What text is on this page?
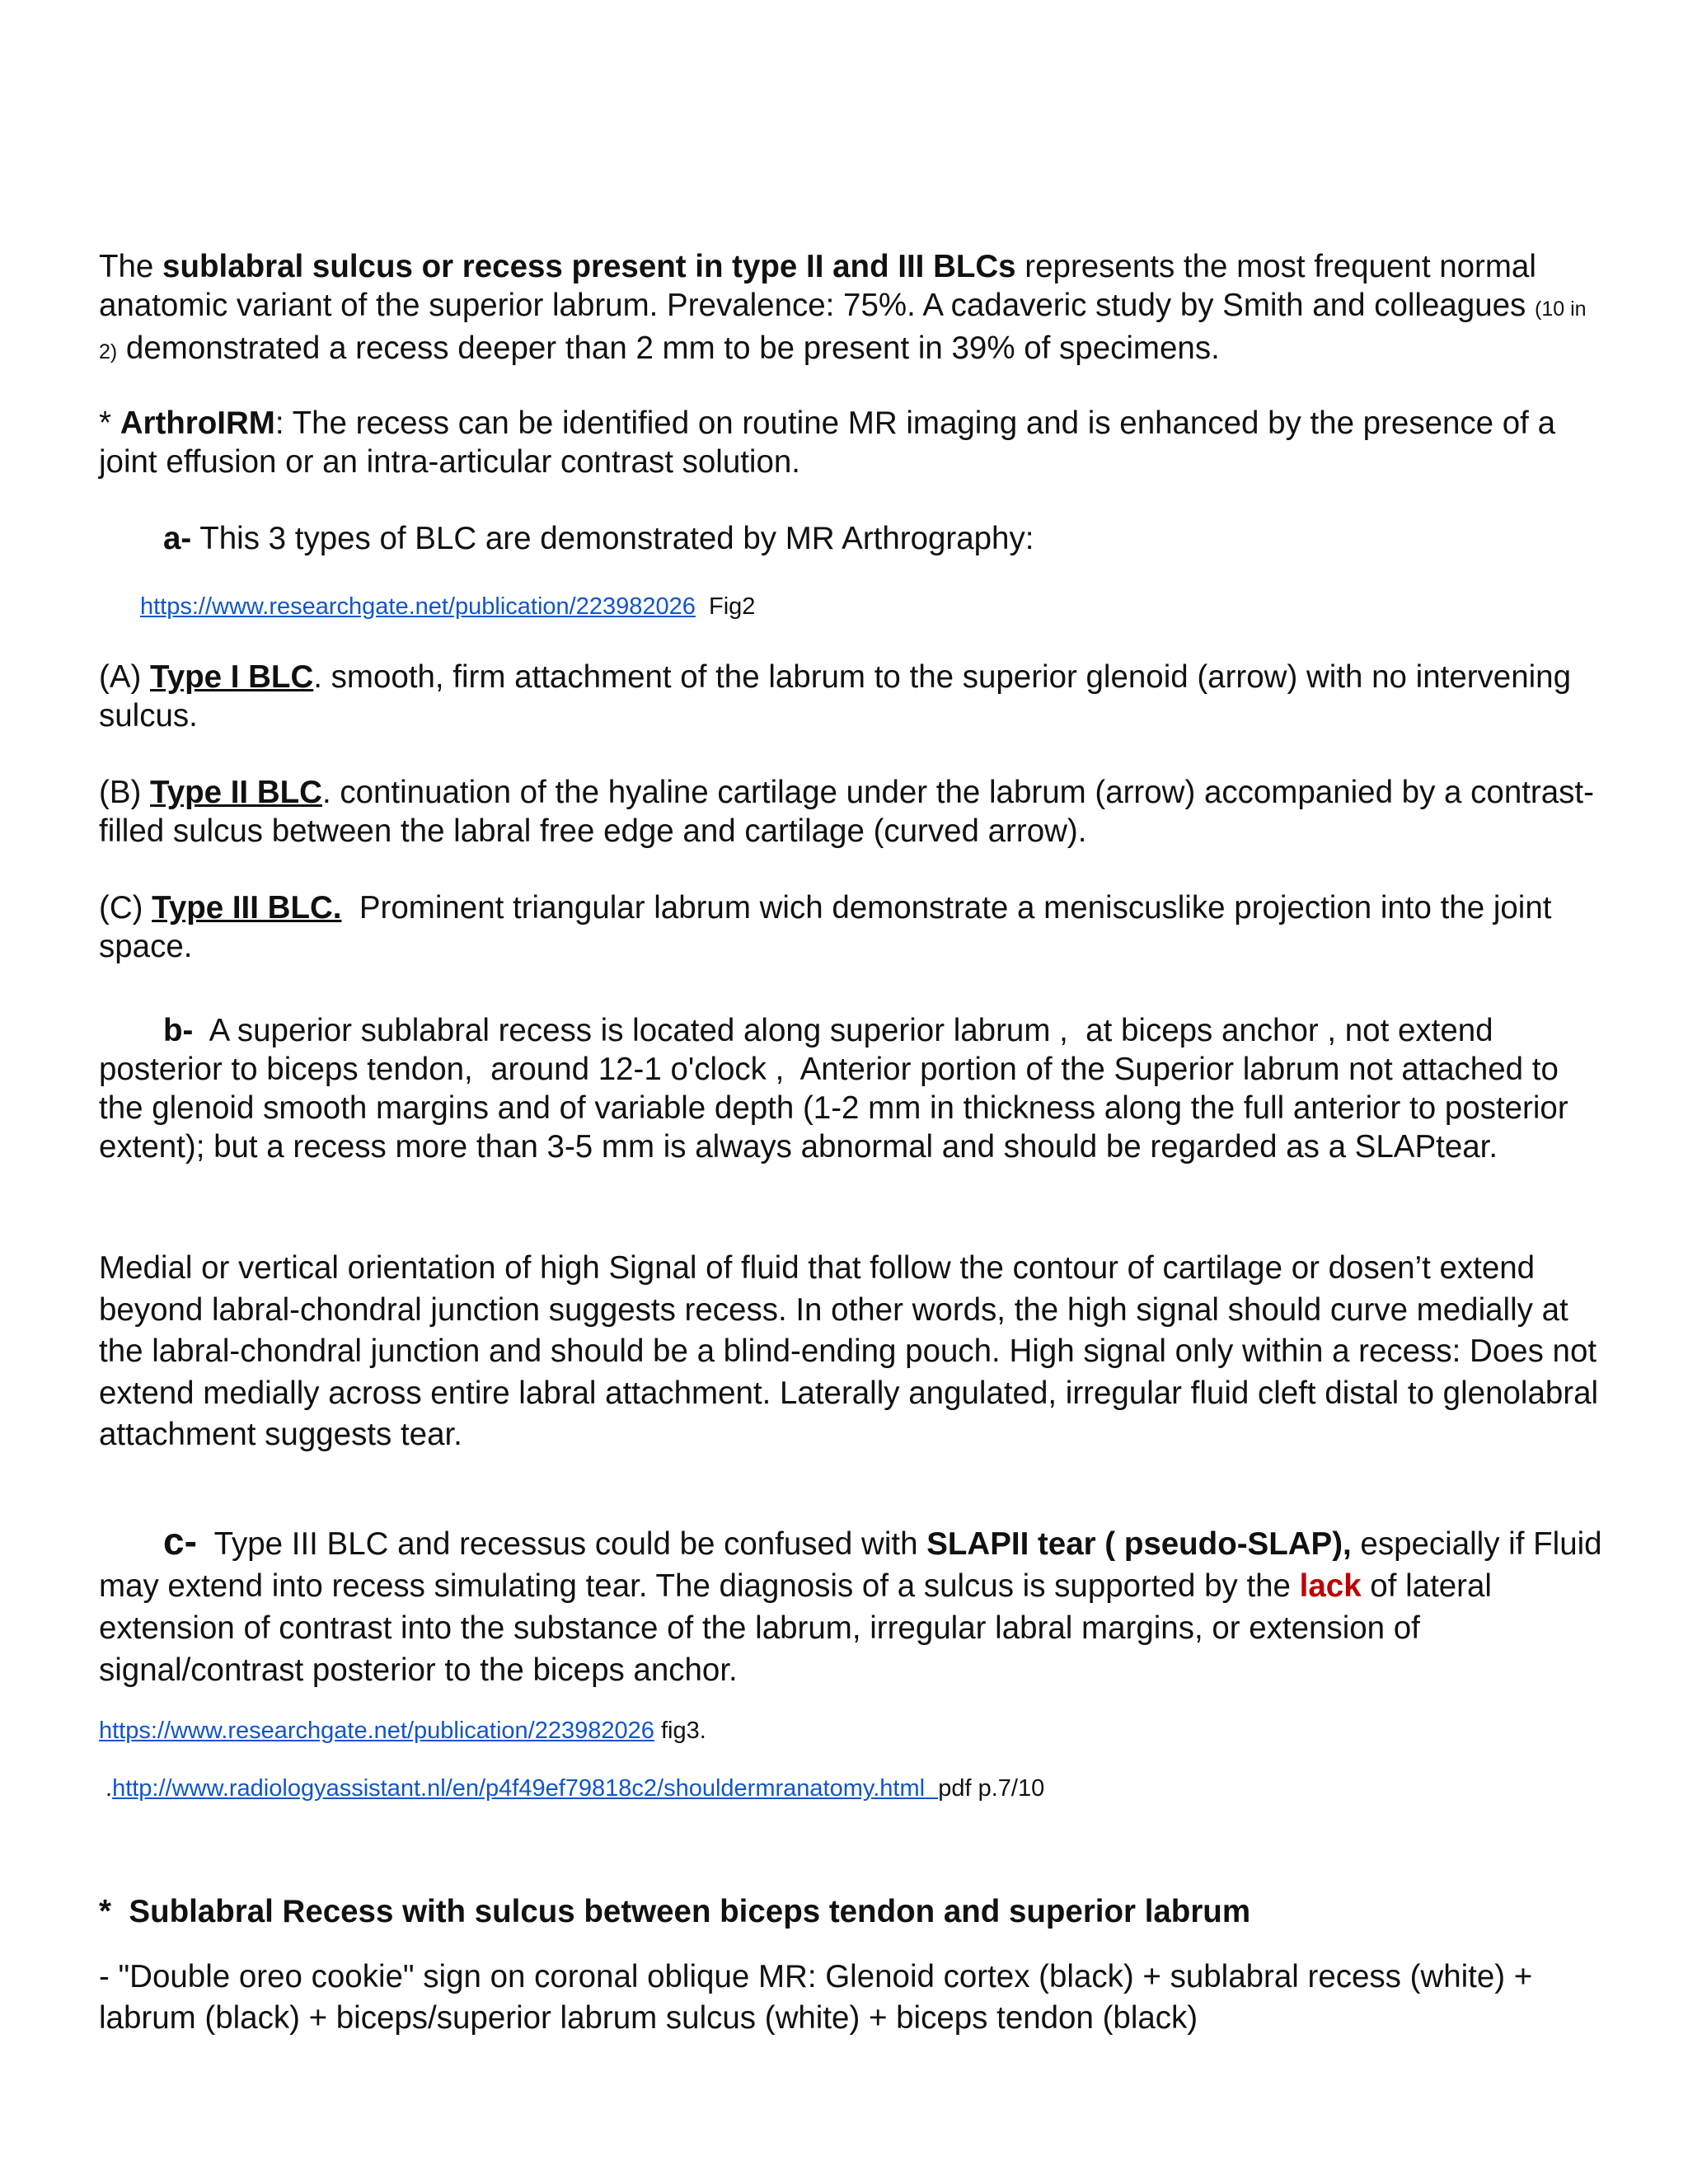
The sublabral sulcus or recess present in type II and III BLCs represents the most frequent normal anatomic variant of the superior labrum. Prevalence: 75%. A cadaveric study by Smith and colleagues (10 in 2) demonstrated a recess deeper than 2 mm to be present in 39% of specimens.

* ArthroIRM: The recess can be identified on routine MR imaging and is enhanced by the presence of a joint effusion or an intra-articular contrast solution.

a- This 3 types of BLC are demonstrated by MR Arthrography:

https://www.researchgate.net/publication/223982026  Fig2

(A) Type I BLC. smooth, firm attachment of the labrum to the superior glenoid (arrow) with no intervening sulcus.

(B) Type II BLC. continuation of the hyaline cartilage under the labrum (arrow) accompanied by a contrast-filled sulcus between the labral free edge and cartilage (curved arrow).

(C) Type III BLC.  Prominent triangular labrum wich demonstrate a meniscuslike projection into the joint space.

b-  A superior sublabral recess is located along superior labrum ,  at biceps anchor , not extend posterior to biceps tendon,  around 12-1 o'clock ,  Anterior portion of the Superior labrum not attached to the glenoid smooth margins and of variable depth (1-2 mm in thickness along the full anterior to posterior extent); but a recess more than 3-5 mm is always abnormal and should be regarded as a SLAPtear.

Medial or vertical orientation of high Signal of fluid that follow the contour of cartilage or dosen’t extend beyond labral-chondral junction suggests recess. In other words, the high signal should curve medially at the labral-chondral junction and should be a blind-ending pouch. High signal only within a recess: Does not extend medially across entire labral attachment. Laterally angulated, irregular fluid cleft distal to glenolabral attachment suggests tear.

c-  Type III BLC and recessus could be confused with SLAPII tear ( pseudo-SLAP), especially if Fluid may extend into recess simulating tear. The diagnosis of a sulcus is supported by the lack of lateral extension of contrast into the substance of the labrum, irregular labral margins, or extension of signal/contrast posterior to the biceps anchor.

https://www.researchgate.net/publication/223982026 fig3.

.http://www.radiologyassistant.nl/en/p4f49ef79818c2/shouldermranatomy.html  pdf p.7/10

*  Sublabral Recess with sulcus between biceps tendon and superior labrum

- "Double oreo cookie" sign on coronal oblique MR: Glenoid cortex (black) + sublabral recess (white) + labrum (black) + biceps/superior labrum sulcus (white) + biceps tendon (black)
